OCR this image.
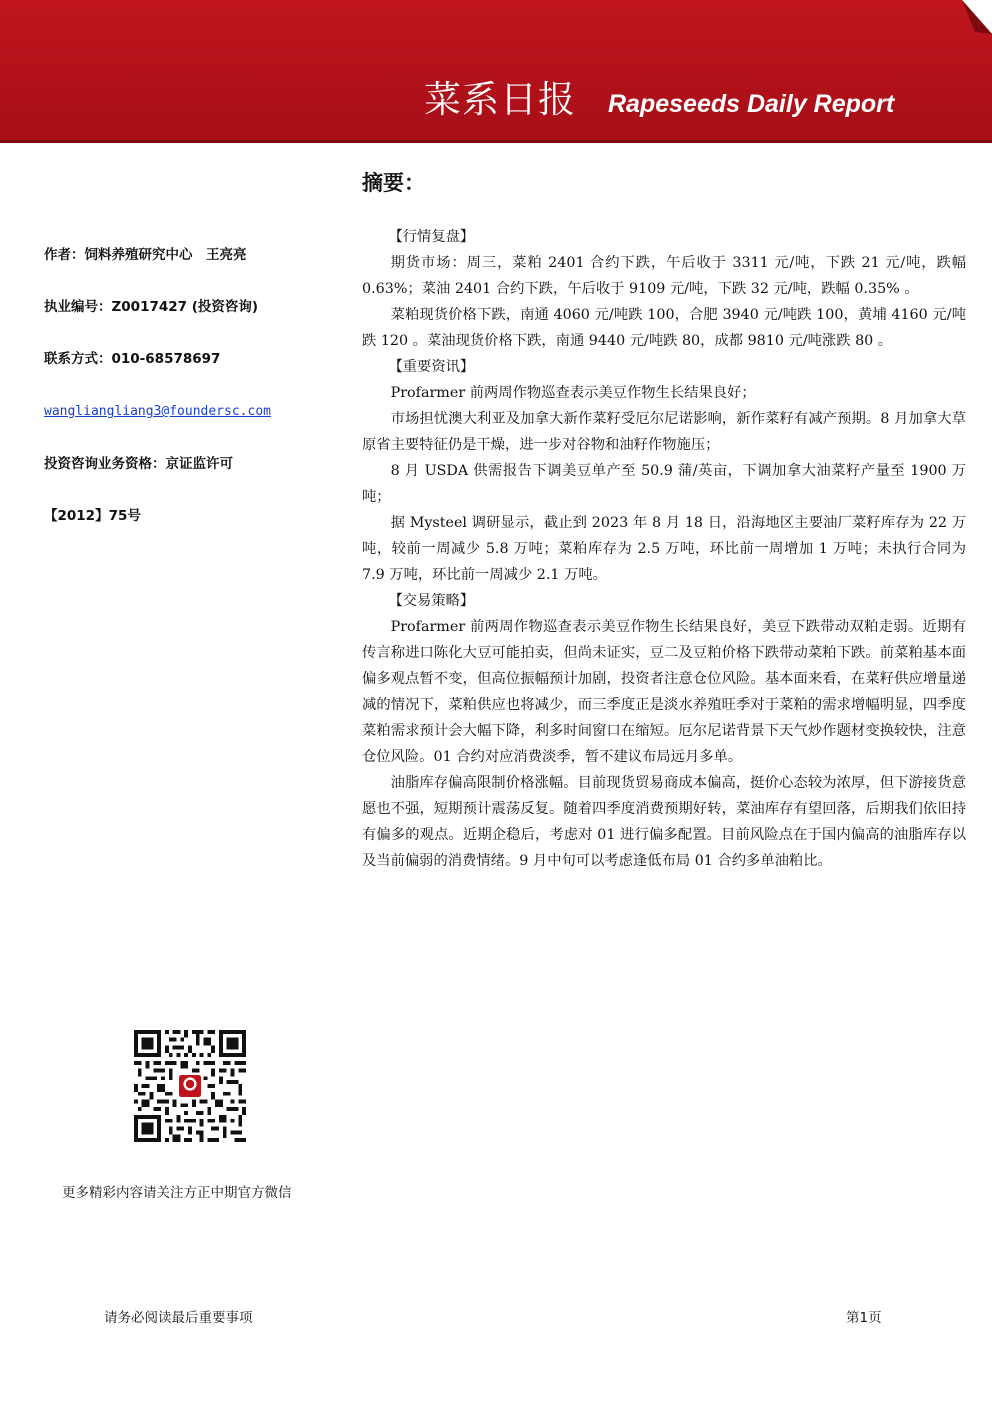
菜系日报 Rapeseeds Daily Report
作者：饲料养殖研究中心　王亮亮
执业编号：Z0017427 (投资咨询)
联系方式：010-68578697
wangliangliang3@foundersc.com
投资咨询业务资格：京证监许可
【2012】75号
更多精彩内容请关注方正中期官方微信
摘要：

【行情复盘】

期货市场：周三，菜粕 2401 合约下跌，午后收于 3311 元/吨，下跌 21 元/吨，跌幅 0.63%；菜油 2401 合约下跌，午后收于 9109 元/吨，下跌 32 元/吨，跌幅 0.35% 。

菜粕现货价格下跌，南通 4060 元/吨跌 100，合肥 3940 元/吨跌 100，黄埔 4160 元/吨跌 120 。菜油现货价格下跌，南通 9440 元/吨跌 80，成都 9810 元/吨涨跌 80 。

【重要资讯】

Profarmer 前两周作物巡查表示美豆作物生长结果良好；

市场担忧澳大利亚及加拿大新作菜籽受厄尔尼诺影响，新作菜籽有减产预期。8 月加拿大草原省主要特征仍是干燥，进一步对谷物和油籽作物施压；

8 月 USDA 供需报告下调美豆单产至 50.9 蒲/英亩，下调加拿大油菜籽产量至 1900 万吨；

据 Mysteel 调研显示，截止到 2023 年 8 月 18 日，沿海地区主要油厂菜籽库存为 22 万吨，较前一周减少 5.8 万吨；菜粕库存为 2.5 万吨，环比前一周增加 1 万吨；未执行合同为 7.9 万吨，环比前一周减少 2.1 万吨。

【交易策略】

Profarmer 前两周作物巡查表示美豆作物生长结果良好，美豆下跌带动双粕走弱。近期有传言称进口陈化大豆可能拍卖，但尚未证实，豆二及豆粕价格下跌带动菜粕下跌。前菜粕基本面偏多观点暂不变，但高位振幅预计加剧，投资者注意仓位风险。基本面来看，在菜籽供应增量递减的情况下，菜粕供应也将减少，而三季度正是淡水养殖旺季对于菜粕的需求增幅明显，四季度菜粕需求预计会大幅下降，利多时间窗口在缩短。厄尔尼诺背景下天气炒作题材变换较快，注意仓位风险。01 合约对应消费淡季，暂不建议布局远月多单。

油脂库存偏高限制价格涨幅。目前现货贸易商成本偏高，挺价心态较为浓厚，但下游接货意愿也不强，短期预计震荡反复。随着四季度消费预期好转，菜油库存有望回落，后期我们依旧持有偏多的观点。近期企稳后，考虑对 01 进行偏多配置。目前风险点在于国内偏高的油脂库存以及当前偏弱的消费情绪。9 月中旬可以考虑逢低布局 01 合约多单油粕比。

请务必阅读最后重要事项	第1页
